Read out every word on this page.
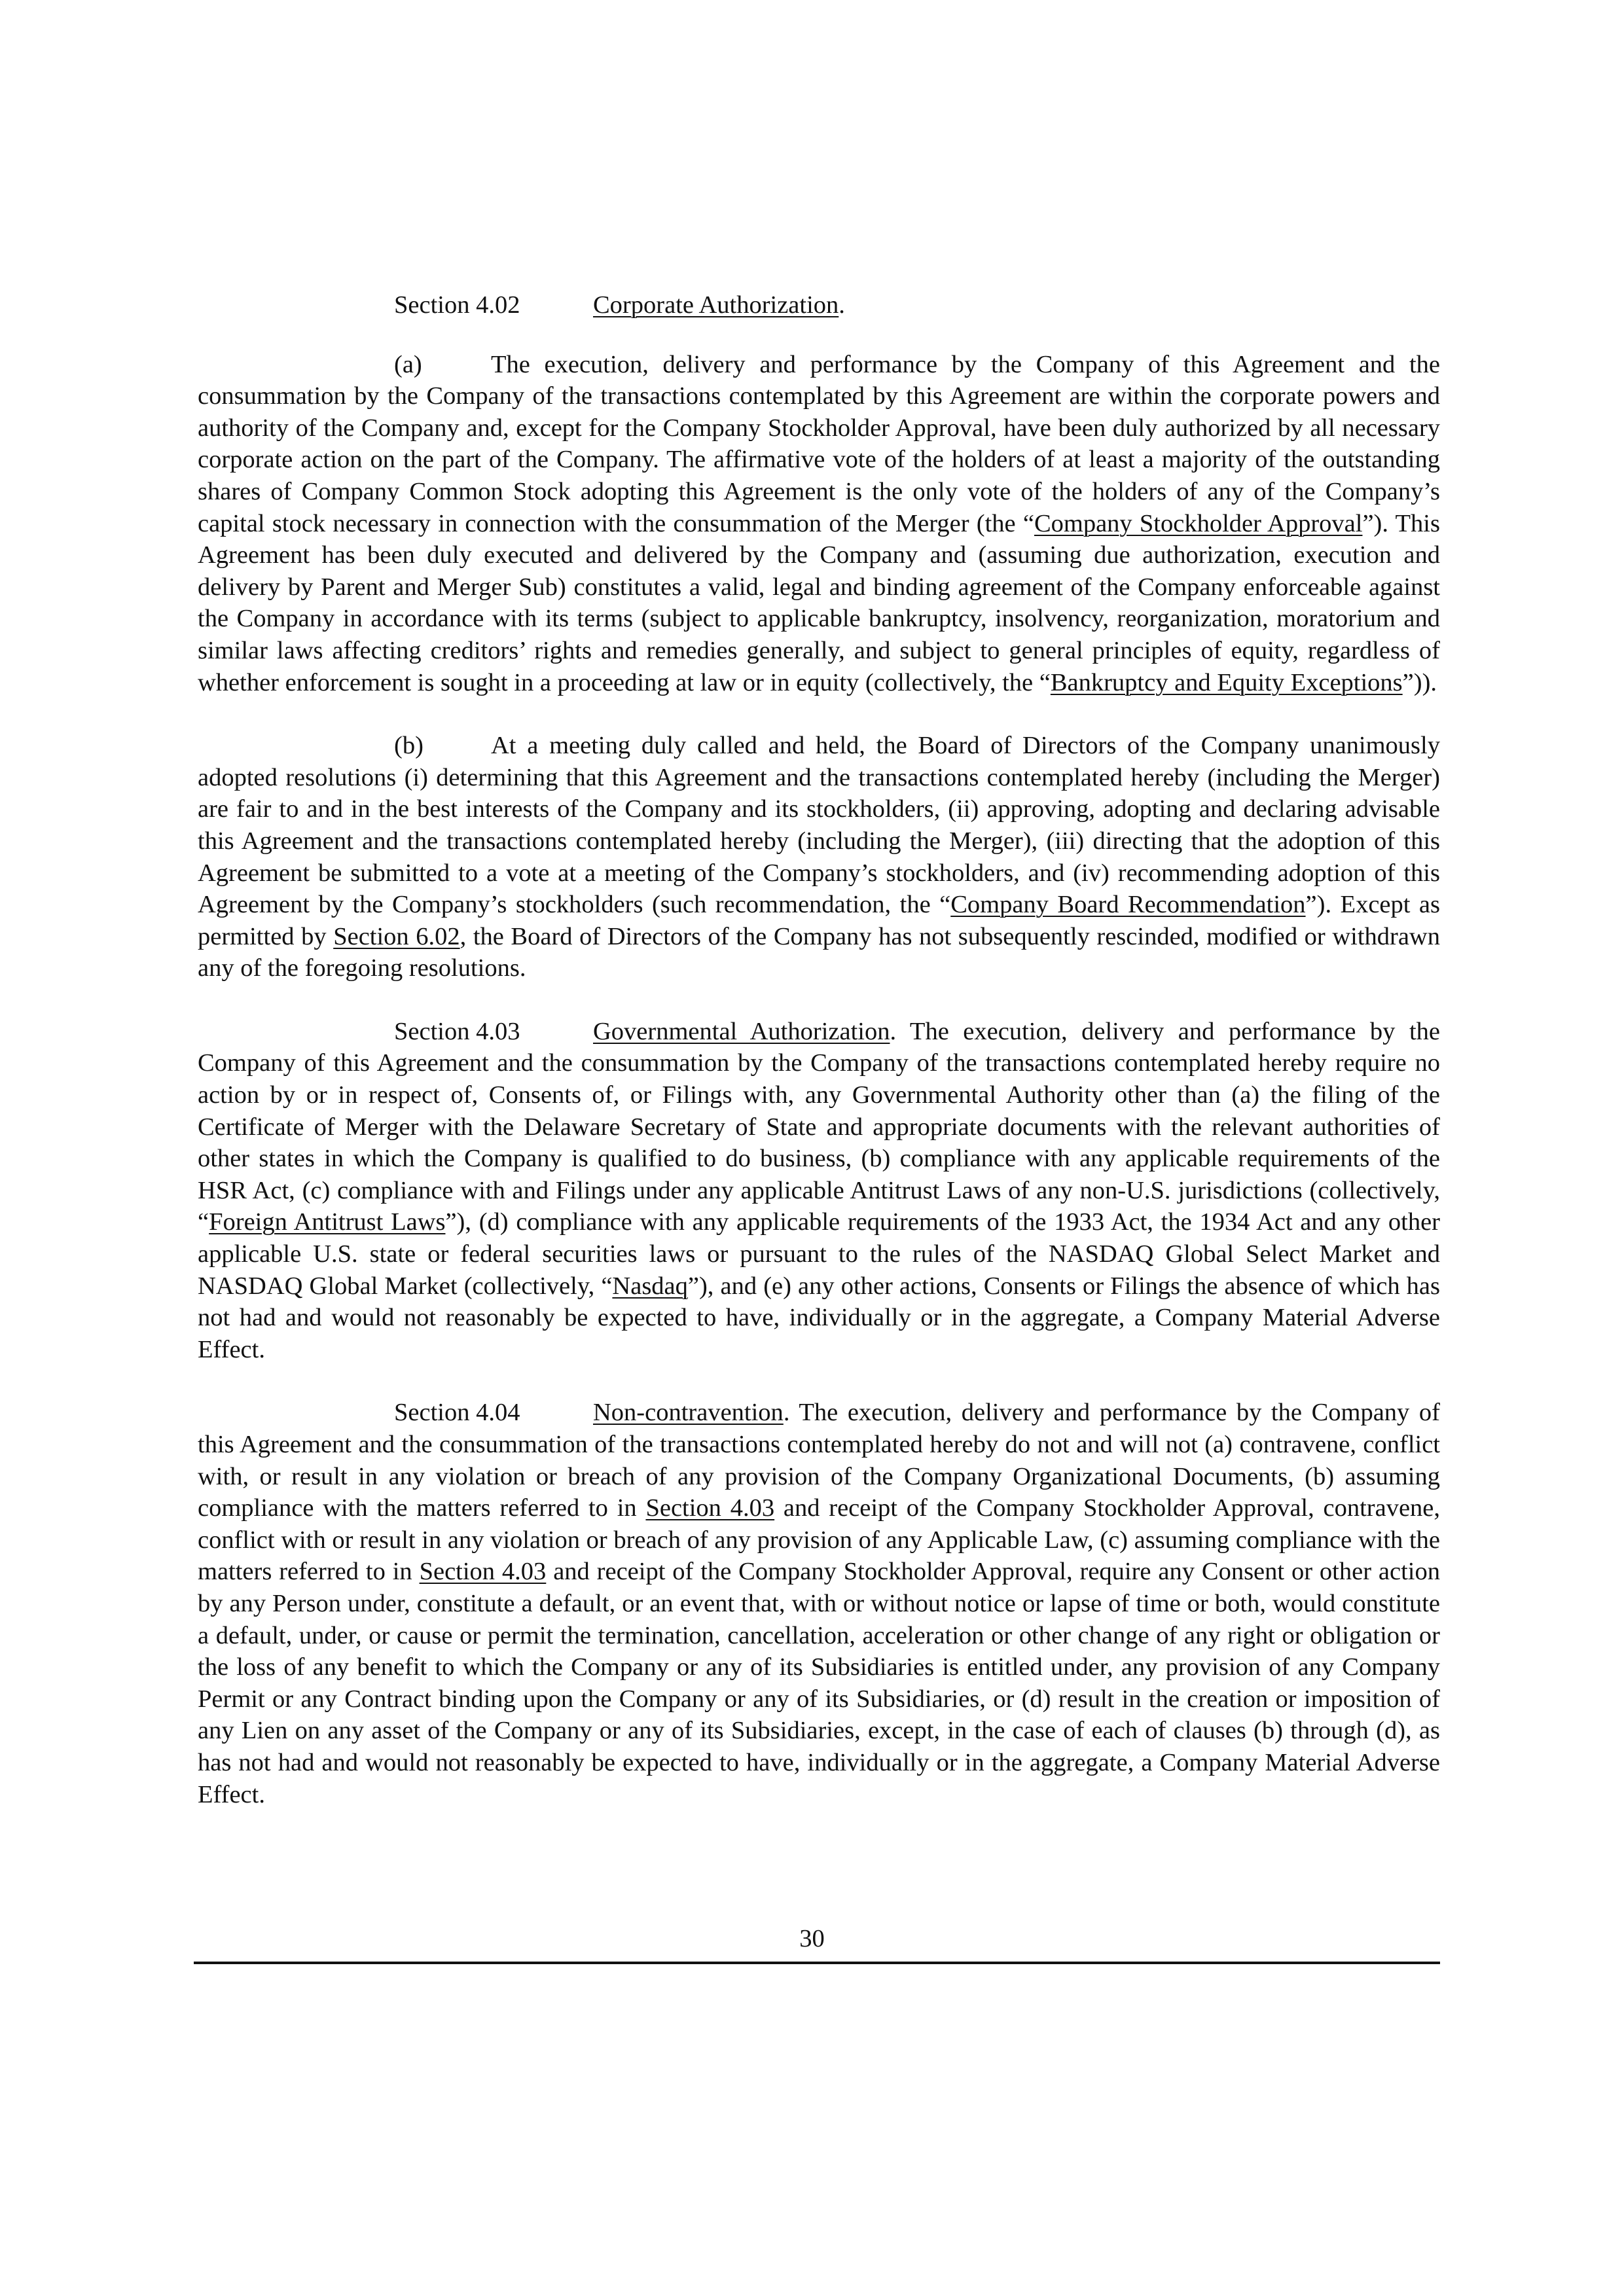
Section 4.02	Corporate Authorization.

(a)	The execution, delivery and performance by the Company of this Agreement and the consummation by the Company of the transactions contemplated by this Agreement are within the corporate powers and authority of the Company and, except for the Company Stockholder Approval, have been duly authorized by all necessary corporate action on the part of the Company. The affirmative vote of the holders of at least a majority of the outstanding shares of Company Common Stock adopting this Agreement is the only vote of the holders of any of the Company’s capital stock necessary in connection with the consummation of the Merger (the “Company Stockholder Approval”). This Agreement has been duly executed and delivered by the Company and (assuming due authorization, execution and delivery by Parent and Merger Sub) constitutes a valid, legal and binding agreement of the Company enforceable against the Company in accordance with its terms (subject to applicable bankruptcy, insolvency, reorganization, moratorium and similar laws affecting creditors’ rights and remedies generally, and subject to general principles of equity, regardless of whether enforcement is sought in a proceeding at law or in equity (collectively, the “Bankruptcy and Equity Exceptions”)).

(b)	At a meeting duly called and held, the Board of Directors of the Company unanimously adopted resolutions (i) determining that this Agreement and the transactions contemplated hereby (including the Merger) are fair to and in the best interests of the Company and its stockholders, (ii) approving, adopting and declaring advisable this Agreement and the transactions contemplated hereby (including the Merger), (iii) directing that the adoption of this Agreement be submitted to a vote at a meeting of the Company’s stockholders, and (iv) recommending adoption of this Agreement by the Company’s stockholders (such recommendation, the “Company Board Recommendation”). Except as permitted by Section 6.02, the Board of Directors of the Company has not subsequently rescinded, modified or withdrawn any of the foregoing resolutions.

Section 4.03	Governmental Authorization. The execution, delivery and performance by the Company of this Agreement and the consummation by the Company of the transactions contemplated hereby require no action by or in respect of, Consents of, or Filings with, any Governmental Authority other than (a) the filing of the Certificate of Merger with the Delaware Secretary of State and appropriate documents with the relevant authorities of other states in which the Company is qualified to do business, (b) compliance with any applicable requirements of the HSR Act, (c) compliance with and Filings under any applicable Antitrust Laws of any non-U.S. jurisdictions (collectively, “Foreign Antitrust Laws”), (d) compliance with any applicable requirements of the 1933 Act, the 1934 Act and any other applicable U.S. state or federal securities laws or pursuant to the rules of the NASDAQ Global Select Market and NASDAQ Global Market (collectively, “Nasdaq”), and (e) any other actions, Consents or Filings the absence of which has not had and would not reasonably be expected to have, individually or in the aggregate, a Company Material Adverse Effect.

Section 4.04	Non-contravention. The execution, delivery and performance by the Company of this Agreement and the consummation of the transactions contemplated hereby do not and will not (a) contravene, conflict with, or result in any violation or breach of any provision of the Company Organizational Documents, (b) assuming compliance with the matters referred to in Section 4.03 and receipt of the Company Stockholder Approval, contravene, conflict with or result in any violation or breach of any provision of any Applicable Law, (c) assuming compliance with the matters referred to in Section 4.03 and receipt of the Company Stockholder Approval, require any Consent or other action by any Person under, constitute a default, or an event that, with or without notice or lapse of time or both, would constitute a default, under, or cause or permit the termination, cancellation, acceleration or other change of any right or obligation or the loss of any benefit to which the Company or any of its Subsidiaries is entitled under, any provision of any Company Permit or any Contract binding upon the Company or any of its Subsidiaries, or (d) result in the creation or imposition of any Lien on any asset of the Company or any of its Subsidiaries, except, in the case of each of clauses (b) through (d), as has not had and would not reasonably be expected to have, individually or in the aggregate, a Company Material Adverse Effect.

30
